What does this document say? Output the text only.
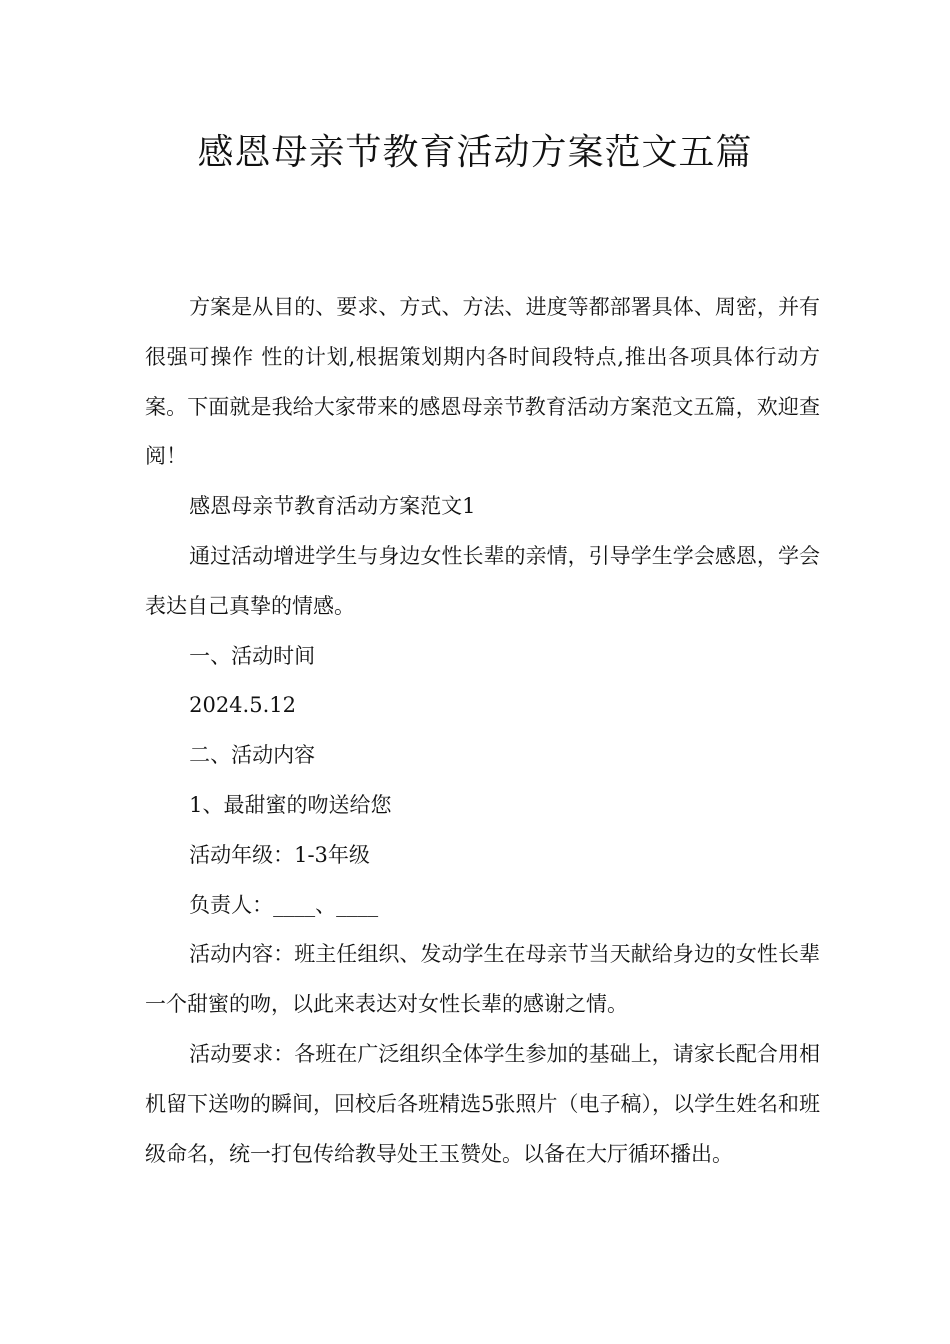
感恩母亲节教育活动方案范文五篇

方案是从目的、要求、方式、方法、进度等都部署具体、周密，并有很强可操作 性的计划,根据策划期内各时间段特点,推出各项具体行动方案。下面就是我给大家带来的感恩母亲节教育活动方案范文五篇，欢迎查阅！

感恩母亲节教育活动方案范文1

通过活动增进学生与身边女性长辈的亲情，引导学生学会感恩，学会表达自己真挚的情感。

一、活动时间

2024.5.12

二、活动内容

1、最甜蜜的吻送给您

活动年级：1-3年级

负责人：____、____

活动内容：班主任组织、发动学生在母亲节当天献给身边的女性长辈一个甜蜜的吻，以此来表达对女性长辈的感谢之情。

活动要求：各班在广泛组织全体学生参加的基础上，请家长配合用相机留下送吻的瞬间，回校后各班精选5张照片（电子稿），以学生姓名和班级命名，统一打包传给教导处王玉赞处。以备在大厅循环播出。
